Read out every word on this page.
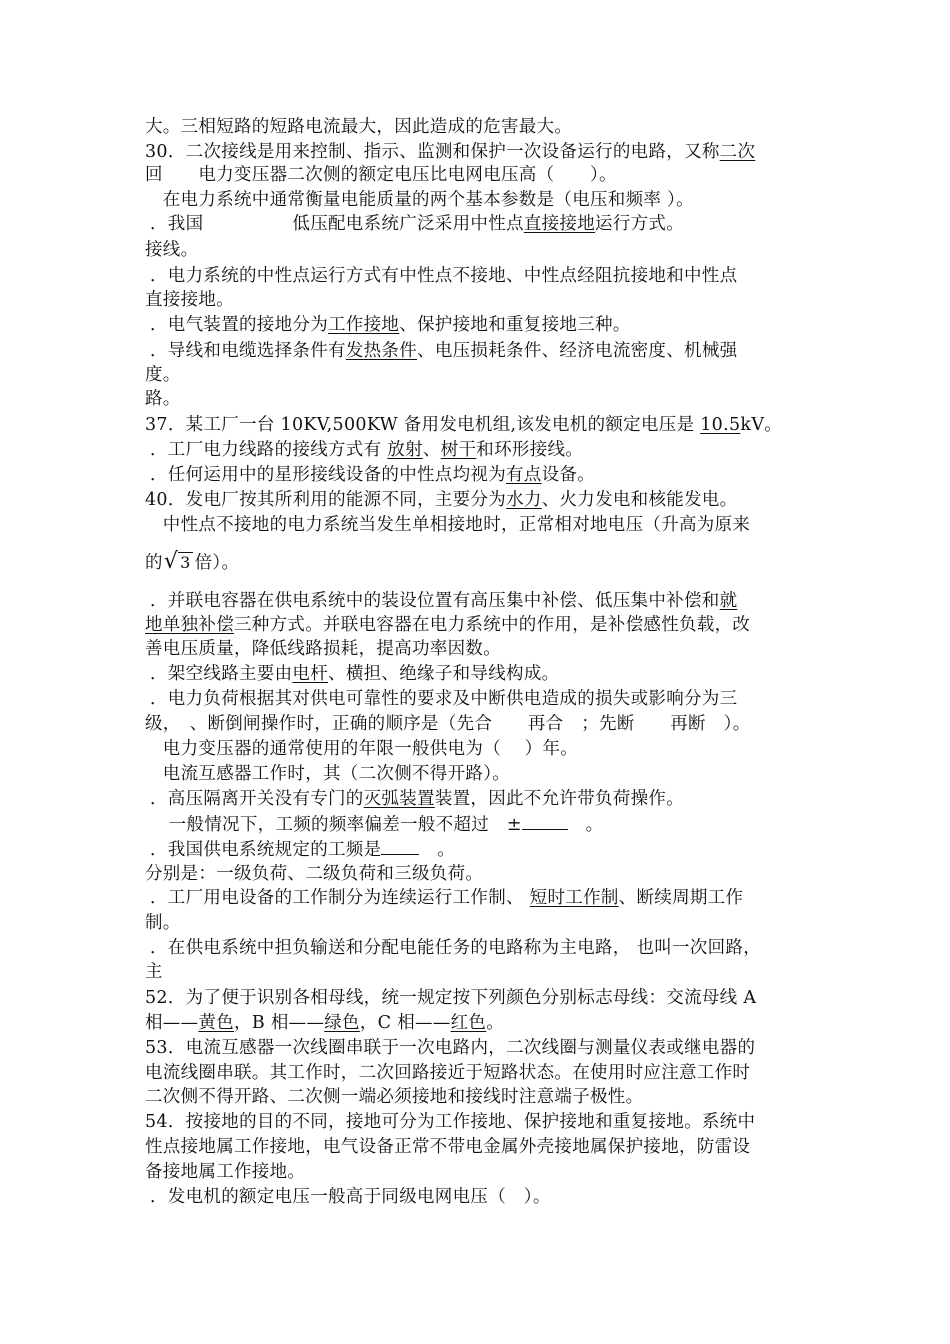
大。三相短路的短路电流最大，因此造成的危害最大。
30．二次接线是用来控制、指示、监测和保护一次设备运行的电路，又称二次
回　　电力变压器二次侧的额定电压比电网电压高（　　）。
　在电力系统中通常衡量电能质量的两个基本参数是（电压和频率 ）。
．我国　　　　　低压配电系统广泛采用中性点直接接地运行方式。
接线。
．电力系统的中性点运行方式有中性点不接地、中性点经阻抗接地和中性点
直接接地。
．电气装置的接地分为工作接地、保护接地和重复接地三种。
．导线和电缆选择条件有发热条件、电压损耗条件、经济电流密度、机械强
度。
路。
37．某工厂一台 10KV,500KW 备用发电机组,该发电机的额定电压是 10.5kV。
．工厂电力线路的接线方式有 放射、树干和环形接线。
．任何运用中的星形接线设备的中性点均视为有点设备。
40．发电厂按其所利用的能源不同，主要分为水力、火力发电和核能发电。
　中性点不接地的电力系统当发生单相接地时，正常相对地电压（升高为原来
的√ 3 倍）。
．并联电容器在供电系统中的装设位置有高压集中补偿、低压集中补偿和就
地单独补偿三种方式。并联电容器在电力系统中的作用，是补偿感性负载，改
善电压质量，降低线路损耗，提高功率因数。
．架空线路主要由电杆、横担、绝缘子和导线构成。
．电力负荷根据其对供电可靠性的要求及中断供电造成的损失或影响分为三
级，　、断倒闸操作时，正确的顺序是（先合　　再合　；先断　　再断　）。
　电力变压器的通常使用的年限一般供电为（　 ）年。
　电流互感器工作时，其（二次侧不得开路）。
．高压隔离开关没有专门的灭弧装置装置，因此不允许带负荷操作。
　 一般情况下，工频的频率偏差一般不超过　±	　。
．我国供电系统规定的工频是　。
分别是：一级负荷、二级负荷和三级负荷。
．工厂用电设备的工作制分为连续运行工作制、 短时工作制、断续周期工作
制。
．在供电系统中担负输送和分配电能任务的电路称为主电路， 也叫一次回路，
主
52．为了便于识别各相母线，统一规定按下列颜色分别标志母线：交流母线 A
相——黄色，B 相——绿色，C 相——红色。
53．电流互感器一次线圈串联于一次电路内，二次线圈与测量仪表或继电器的
电流线圈串联。其工作时，二次回路接近于短路状态。在使用时应注意工作时
二次侧不得开路、二次侧一端必须接地和接线时注意端子极性。
54．按接地的目的不同，接地可分为工作接地、保护接地和重复接地。系统中
性点接地属工作接地，电气设备正常不带电金属外壳接地属保护接地，防雷设
备接地属工作接地。
．发电机的额定电压一般高于同级电网电压（　）。
